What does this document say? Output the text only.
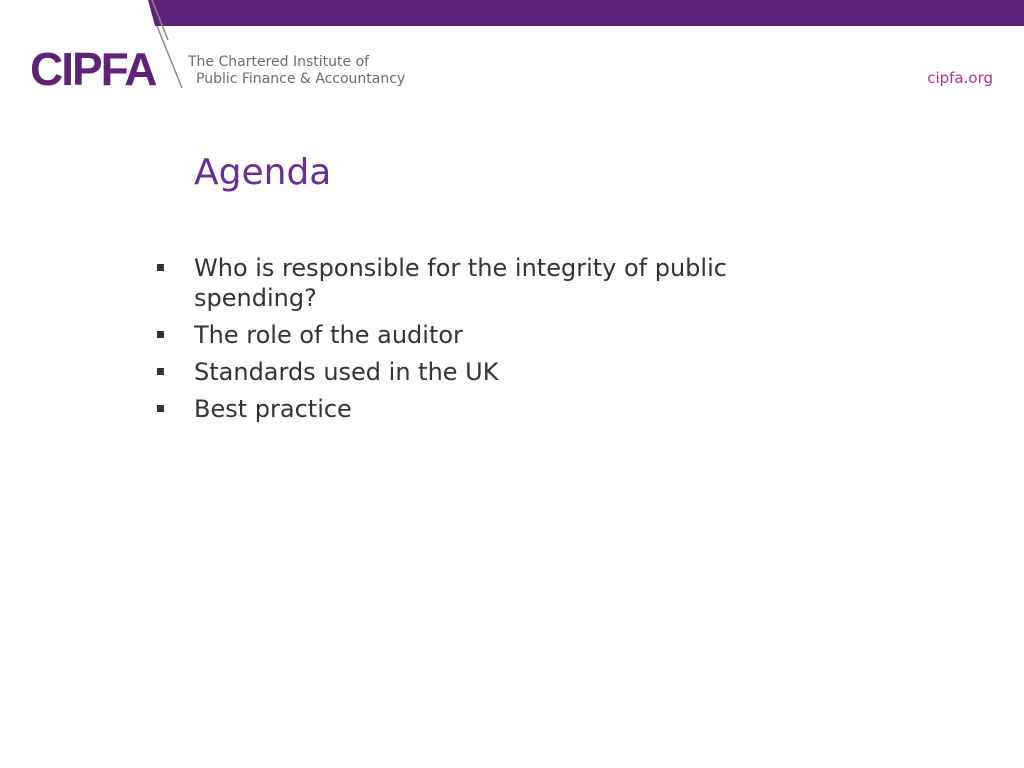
CIPFA The Chartered Institute of
Public Finance & Accountancy	cipfa.org
Agenda
Who is responsible for the integrity of public spending?
The role of the auditor
Standards used in the UK
Best practice
